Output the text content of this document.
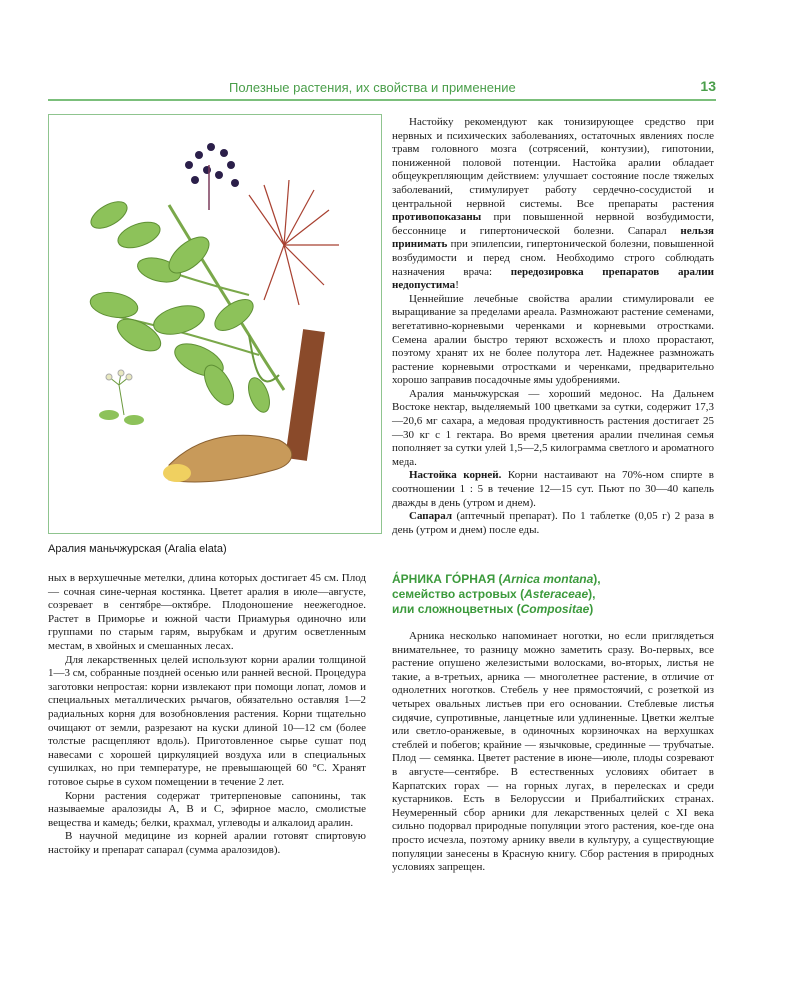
Полезные растения, их свойства и применение	13
Аралия маньчжурская (Aralia elata)

ных в верхушечные метелки, длина которых достигает 45 см. Плод — сочная сине-черная костянка. Цветет аралия в июле—августе, созревает в сентябре—октябре. Плодоношение неежегодное. Растет в Приморье и южной части Приамурья одиночно или группами по старым гарям, вырубкам и другим осветленным местам, в хвойных и смешанных лесах.

Для лекарственных целей используют корни аралии толщиной 1—3 см, собранные поздней осенью или ранней весной. Процедура заготовки непростая: корни извлекают при помощи лопат, ломов и специальных металлических рычагов, обязательно оставляя 1—2 радиальных корня для возобновления растения. Корни тщательно очищают от земли, разрезают на куски длиной 10—12 см (более толстые расщепляют вдоль). Приготовленное сырье сушат под навесами с хорошей циркуляцией воздуха или в специальных сушилках, но при температуре, не превышающей 60 °С. Хранят готовое сырье в сухом помещении в течение 2 лет.

Корни растения содержат тритерпеновые сапонины, так называемые аралозиды А, В и С, эфирное масло, смолистые вещества и камедь; белки, крахмал, углеводы и алкалоид аралин.

В научной медицине из корней аралии готовят спиртовую настойку и препарат сапарал (сумма аралозидов).

Настойку рекомендуют как тонизирующее средство при нервных и психических заболеваниях, остаточных явлениях после травм головного мозга (сотрясений, контузии), гипотонии, пониженной половой потенции. Настойка аралии обладает общеукрепляющим действием: улучшает состояние после тяжелых заболеваний, стимулирует работу сердечно-сосудистой и центральной нервной системы. Все препараты растения противопоказаны при повышенной нервной возбудимости, бессоннице и гипертонической болезни. Сапарал нельзя принимать при эпилепсии, гипертонической болезни, повышенной возбудимости и перед сном. Необходимо строго соблюдать назначения врача: передозировка препаратов аралии недопустима!

Ценнейшие лечебные свойства аралии стимулировали ее выращивание за пределами ареала. Размножают растение семенами, вегетативно-корневыми черенками и корневыми отростками. Семена аралии быстро теряют всхожесть и плохо прорастают, поэтому хранят их не более полутора лет. Надежнее размножать растение корневыми отростками и черенками, предварительно хорошо заправив посадочные ямы удобрениями.

Аралия маньчжурская — хороший медонос. На Дальнем Востоке нектар, выделяемый 100 цветками за сутки, содержит 17,3—20,6 мг сахара, а медовая продуктивность растения достигает 25—30 кг с 1 гектара. Во время цветения аралии пчелиная семья пополняет за сутки улей 1,5—2,5 килограмма светлого и ароматного меда.

Настойка корней. Корни настаивают на 70%-ном спирте в соотношении 1 : 5 в течение 12—15 сут. Пьют по 30—40 капель дважды в день (утром и днем).

Сапарал (аптечный препарат). По 1 таблетке (0,05 г) 2 раза в день (утром и днем) после еды.

А́РНИКА ГО́РНАЯ (Arnica montana),
семейство астровых (Asteraceae),
или сложноцветных (Compositae)

Арника несколько напоминает ноготки, но если приглядеться внимательнее, то разницу можно заметить сразу. Во-первых, все растение опушено железистыми волосками, во-вторых, листья не такие, а в-третьих, арника — многолетнее растение, в отличие от однолетних ноготков. Стебель у нее прямостоячий, с розеткой из четырех овальных листьев при его основании. Стеблевые листья сидячие, супротивные, ланцетные или удлиненные. Цветки желтые или светло-оранжевые, в одиночных корзиночках на верхушках стеблей и побегов; крайние — язычковые, срединные — трубчатые. Плод — семянка. Цветет растение в июне—июле, плоды созревают в августе—сентябре. В естественных условиях обитает в Карпатских горах — на горных лугах, в перелесках и среди кустарников. Есть в Белоруссии и Прибалтийских странах. Неумеренный сбор арники для лекарственных целей с XI века сильно подорвал природные популяции этого растения, кое-где она просто исчезла, поэтому арнику ввели в культуру, а существующие популяции занесены в Красную книгу. Сбор растения в природных условиях запрещен.
